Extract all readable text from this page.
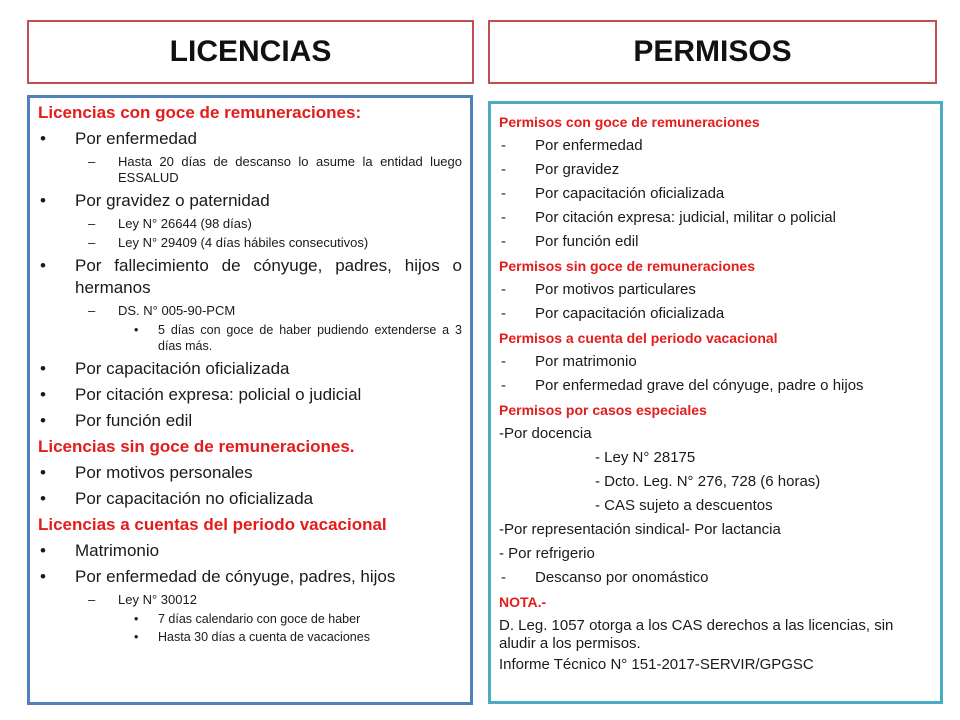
LICENCIAS	PERMISOS
Licencias con goce de remuneraciones:
• Por enfermedad
– Hasta 20 días de descanso lo asume la entidad luego ESSALUD
• Por gravidez o paternidad
– Ley N° 26644 (98 días)
– Ley N° 29409 (4 días hábiles consecutivos)
• Por fallecimiento de cónyuge, padres, hijos o hermanos
– DS. N° 005-90-PCM
• 5 días con goce de haber pudiendo extenderse a 3 días más.
• Por capacitación oficializada
• Por citación expresa: policial o judicial
• Por función edil
Licencias sin goce de remuneraciones.
• Por motivos personales
• Por capacitación no oficializada
Licencias a cuentas del periodo vacacional
• Matrimonio
• Por enfermedad de cónyuge, padres, hijos
– Ley N° 30012
• 7 días calendario con goce de haber
• Hasta 30 días a cuenta de vacaciones
Permisos con goce de remuneraciones
- Por enfermedad
- Por gravidez
- Por capacitación oficializada
- Por citación expresa: judicial, militar o policial
- Por función edil
Permisos sin goce de remuneraciones
- Por motivos particulares
- Por capacitación oficializada
Permisos a cuenta del periodo vacacional
- Por matrimonio
- Por enfermedad grave del cónyuge, padre o hijos
Permisos por casos especiales
-Por docencia
- Ley N° 28175
- Dcto. Leg. N° 276, 728 (6 horas)
- CAS sujeto a descuentos
-Por representación sindical- Por lactancia
- Por refrigerio
- Descanso por onomástico
NOTA.-
D. Leg. 1057 otorga a los CAS derechos a las licencias, sin aludir a los permisos.
Informe Técnico N° 151-2017-SERVIR/GPGSC
